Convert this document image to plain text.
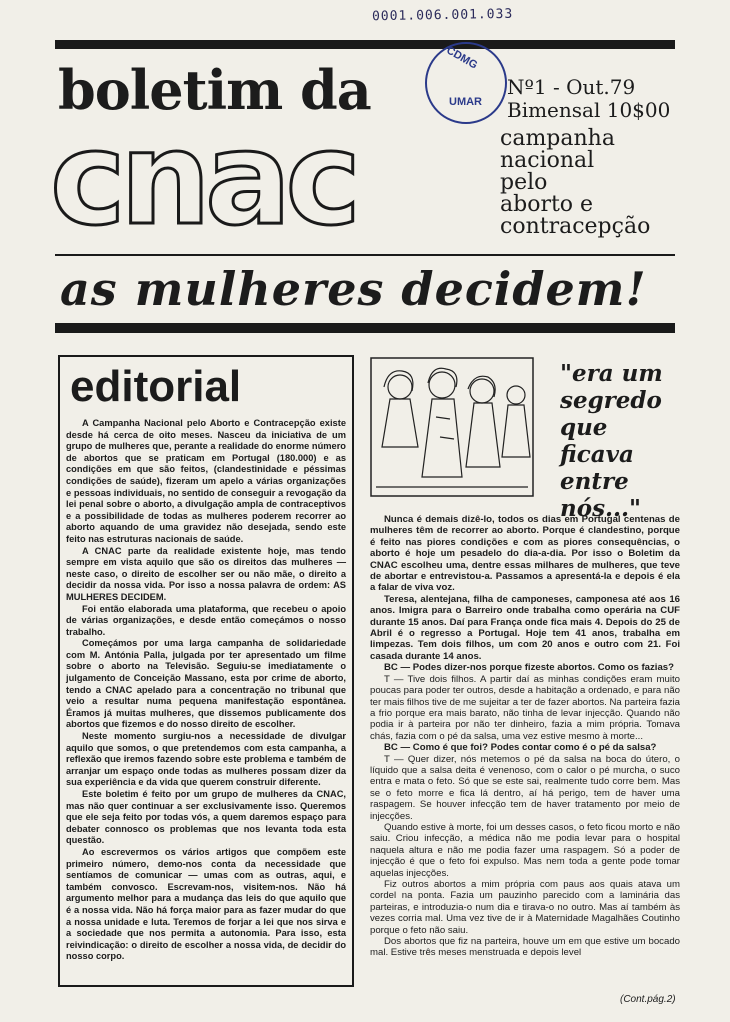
0001.006.001.033
boletim da
cnac
CDMG
UMAR
Nº1 - Out.79
Bimensal 10$00
campanha
nacional
pelo
aborto e
contracepção
as mulheres decidem!
editorial

A Campanha Nacional pelo Aborto e Contracepção existe desde há cerca de oito meses. Nasceu da iniciativa de um grupo de mulheres que, perante a realidade do enorme número de abortos que se praticam em Portugal (180.000) e as condições em que são feitos, (clandestinidade e péssimas condições de saúde), fizeram um apelo a várias organizações e pessoas individuais, no sentido de conseguir a revogação da lei penal sobre o aborto, a divulgação ampla de contraceptivos e a possibilidade de todas as mulheres poderem recorrer ao aborto aquando de uma gravidez não desejada, sendo este feito nas estruturas nacionais de saúde.

A CNAC parte da realidade existente hoje, mas tendo sempre em vista aquilo que são os direitos das mulheres — neste caso, o direito de escolher ser ou não mãe, o direito a decidir da nossa vida. Por isso a nossa palavra de ordem: AS MULHERES DECIDEM.

Foi então elaborada uma plataforma, que recebeu o apoio de várias organizações, e desde então começámos o nosso trabalho.

Começámos por uma larga campanha de solidariedade com M. Antónia Palla, julgada por ter apresentado um filme sobre o aborto na Televisão. Seguiu-se imediatamente o julgamento de Conceição Massano, esta por crime de aborto, tendo a CNAC apelado para a concentração no tribunal que veio a resultar numa pequena manifestação espontânea. Éramos já muitas mulheres, que dissemos publicamente dos abortos que fizemos e do nosso direito de escolher.

Neste momento surgiu-nos a necessidade de divulgar aquilo que somos, o que pretendemos com esta campanha, a reflexão que iremos fazendo sobre este problema e também de arranjar um espaço onde todas as mulheres possam dizer da sua experiência e da vida que querem construir diferente.

Este boletim é feito por um grupo de mulheres da CNAC, mas não quer continuar a ser exclusivamente isso. Queremos que ele seja feito por todas vós, a quem daremos espaço para debater connosco os problemas que nos levanta toda esta questão.

Ao escrevermos os vários artigos que compõem este primeiro número, demo-nos conta da necessidade que sentíamos de comunicar — umas com as outras, aqui, e também convosco. Escrevam-nos, visitem-nos. Não há argumento melhor para a mudança das leis do que aquilo que é a nossa vida. Não há força maior para as fazer mudar do que a nossa unidade e luta. Teremos de forjar a lei que nos sirva e a sociedade que nos permita a autonomia. Para isso, esta reivindicação: o direito de escolher a nossa vida, de decidir do nosso corpo.

"era um segredo que ficava entre nós..."

Nunca é demais dizê-lo, todos os dias em Portugal centenas de mulheres têm de recorrer ao aborto. Porque é clandestino, porque é feito nas piores condições e com as piores consequências, o aborto é hoje um pesadelo do dia-a-dia. Por isso o Boletim da CNAC escolheu uma, dentre essas milhares de mulheres, que teve de abortar e entrevistou-a. Passamos a apresentá-la e depois é ela a falar de viva voz.

Teresa, alentejana, filha de camponeses, camponesa até aos 16 anos. Imigra para o Barreiro onde trabalha como operária na CUF durante 15 anos. Daí para França onde fica mais 4. Depois do 25 de Abril é o regresso a Portugal. Hoje tem 41 anos, trabalha em limpezas. Tem dois filhos, um com 20 anos e outro com 21. Foi casada durante 14 anos.

BC — Podes dizer-nos porque fizeste abortos. Como os fazias?

T — Tive dois filhos. A partir daí as minhas condições eram muito poucas para poder ter outros, desde a habitação a ordenado, e para não ter mais filhos tive de me sujeitar a ter de fazer abortos. Na parteira fazia a frio porque era mais barato, não tinha de levar injecção. Quando não podia ir à parteira por não ter dinheiro, fazia a mim própria. Tomava chás, fazia com o pé da salsa, uma vez estive mesmo à morte...

BC — Como é que foi? Podes contar como é o pé da salsa?

T — Quer dizer, nós metemos o pé da salsa na boca do útero, o líquido que a salsa deita é venenoso, com o calor o pé murcha, o suco entra e mata o feto. Só que se este sai, realmente tudo corre bem. Mas se o feto morre e fica lá dentro, aí há perigo, tem de haver uma raspagem. Se houver infecção tem de haver tratamento por meio de injecções.

Quando estive à morte, foi um desses casos, o feto ficou morto e não saiu. Criou infecção, a médica não me podia levar para o hospital naquela altura e não me podia fazer uma raspagem. Só a poder de injecção é que o feto foi expulso. Mas nem toda a gente pode tomar aquelas injecções.

Fiz outros abortos a mim própria com paus aos quais atava um cordel na ponta. Fazia um pauzinho parecido com a laminária das parteiras, e introduzia-o num dia e tirava-o no outro. Mas aí também às vezes corria mal. Uma vez tive de ir à Maternidade Magalhães Coutinho porque o feto não saiu.

Dos abortos que fiz na parteira, houve um em que estive um bocado mal. Estive três meses menstruada e depois level

(Cont.pág.2)
